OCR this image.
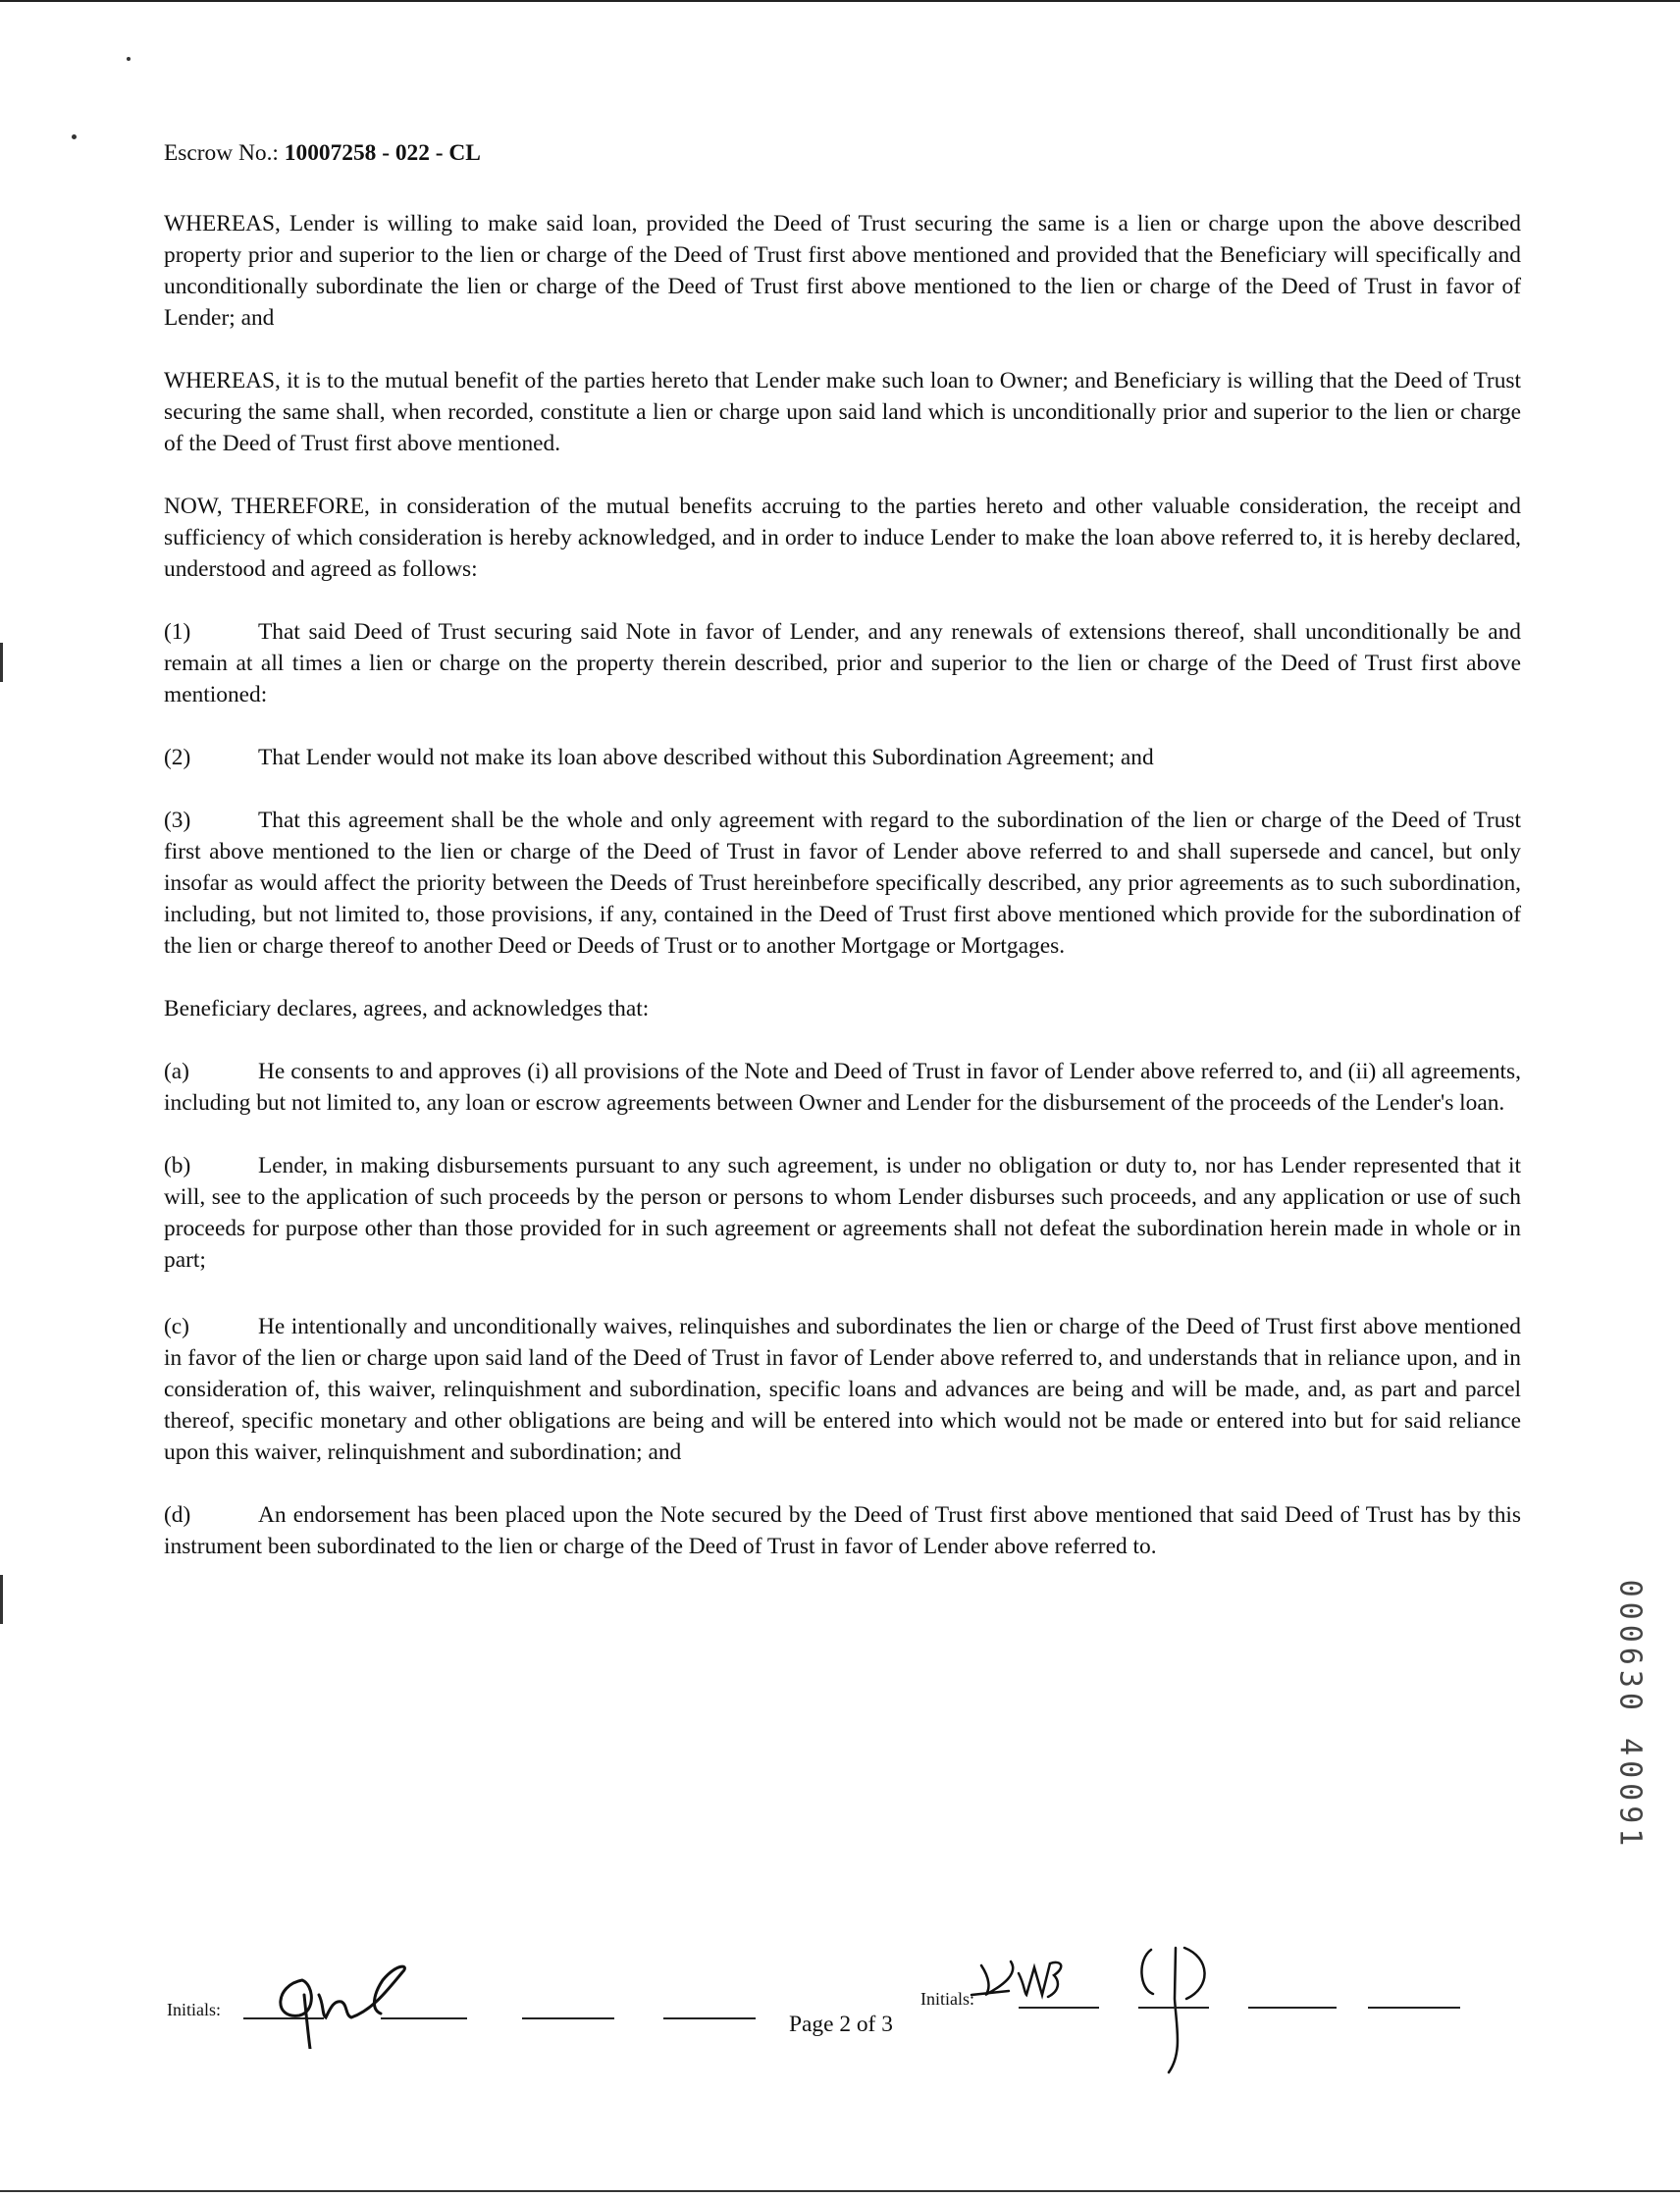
Escrow No.: 10007258 - 022 - CL

WHEREAS, Lender is willing to make said loan, provided the Deed of Trust securing the same is a lien or charge upon the above described property prior and superior to the lien or charge of the Deed of Trust first above mentioned and provided that the Beneficiary will specifically and unconditionally subordinate the lien or charge of the Deed of Trust first above mentioned to the lien or charge of the Deed of Trust in favor of Lender; and

WHEREAS, it is to the mutual benefit of the parties hereto that Lender make such loan to Owner; and Beneficiary is willing that the Deed of Trust securing the same shall, when recorded, constitute a lien or charge upon said land which is unconditionally prior and superior to the lien or charge of the Deed of Trust first above mentioned.

NOW, THEREFORE, in consideration of the mutual benefits accruing to the parties hereto and other valuable consideration, the receipt and sufficiency of which consideration is hereby acknowledged, and in order to induce Lender to make the loan above referred to, it is hereby declared, understood and agreed as follows:

(1)	That said Deed of Trust securing said Note in favor of Lender, and any renewals of extensions thereof, shall unconditionally be and remain at all times a lien or charge on the property therein described, prior and superior to the lien or charge of the Deed of Trust first above mentioned:

(2)	That Lender would not make its loan above described without this Subordination Agreement; and

(3)	That this agreement shall be the whole and only agreement with regard to the subordination of the lien or charge of the Deed of Trust first above mentioned to the lien or charge of the Deed of Trust in favor of Lender above referred to and shall supersede and cancel, but only insofar as would affect the priority between the Deeds of Trust hereinbefore specifically described, any prior agreements as to such subordination, including, but not limited to, those provisions, if any, contained in the Deed of Trust first above mentioned which provide for the subordination of the lien or charge thereof to another Deed or Deeds of Trust or to another Mortgage or Mortgages.

Beneficiary declares, agrees, and acknowledges that:

(a)	He consents to and approves (i) all provisions of the Note and Deed of Trust in favor of Lender above referred to, and (ii) all agreements, including but not limited to, any loan or escrow agreements between Owner and Lender for the disbursement of the proceeds of the Lender's loan.

(b)	Lender, in making disbursements pursuant to any such agreement, is under no obligation or duty to, nor has Lender represented that it will, see to the application of such proceeds by the person or persons to whom Lender disburses such proceeds, and any application or use of such proceeds for purpose other than those provided for in such agreement or agreements shall not defeat the subordination herein made in whole or in part;

(c)	He intentionally and unconditionally waives, relinquishes and subordinates the lien or charge of the Deed of Trust first above mentioned in favor of the lien or charge upon said land of the Deed of Trust in favor of Lender above referred to, and understands that in reliance upon, and in consideration of, this waiver, relinquishment and subordination, specific loans and advances are being and will be made, and, as part and parcel thereof, specific monetary and other obligations are being and will be entered into which would not be made or entered into but for said reliance upon this waiver, relinquishment and subordination; and

(d)	An endorsement has been placed upon the Note secured by the Deed of Trust first above mentioned that said Deed of Trust has by this instrument been subordinated to the lien or charge of the Deed of Trust in favor of Lender above referred to.

Initials:
Initials:
Page 2 of 3
000630 40091
